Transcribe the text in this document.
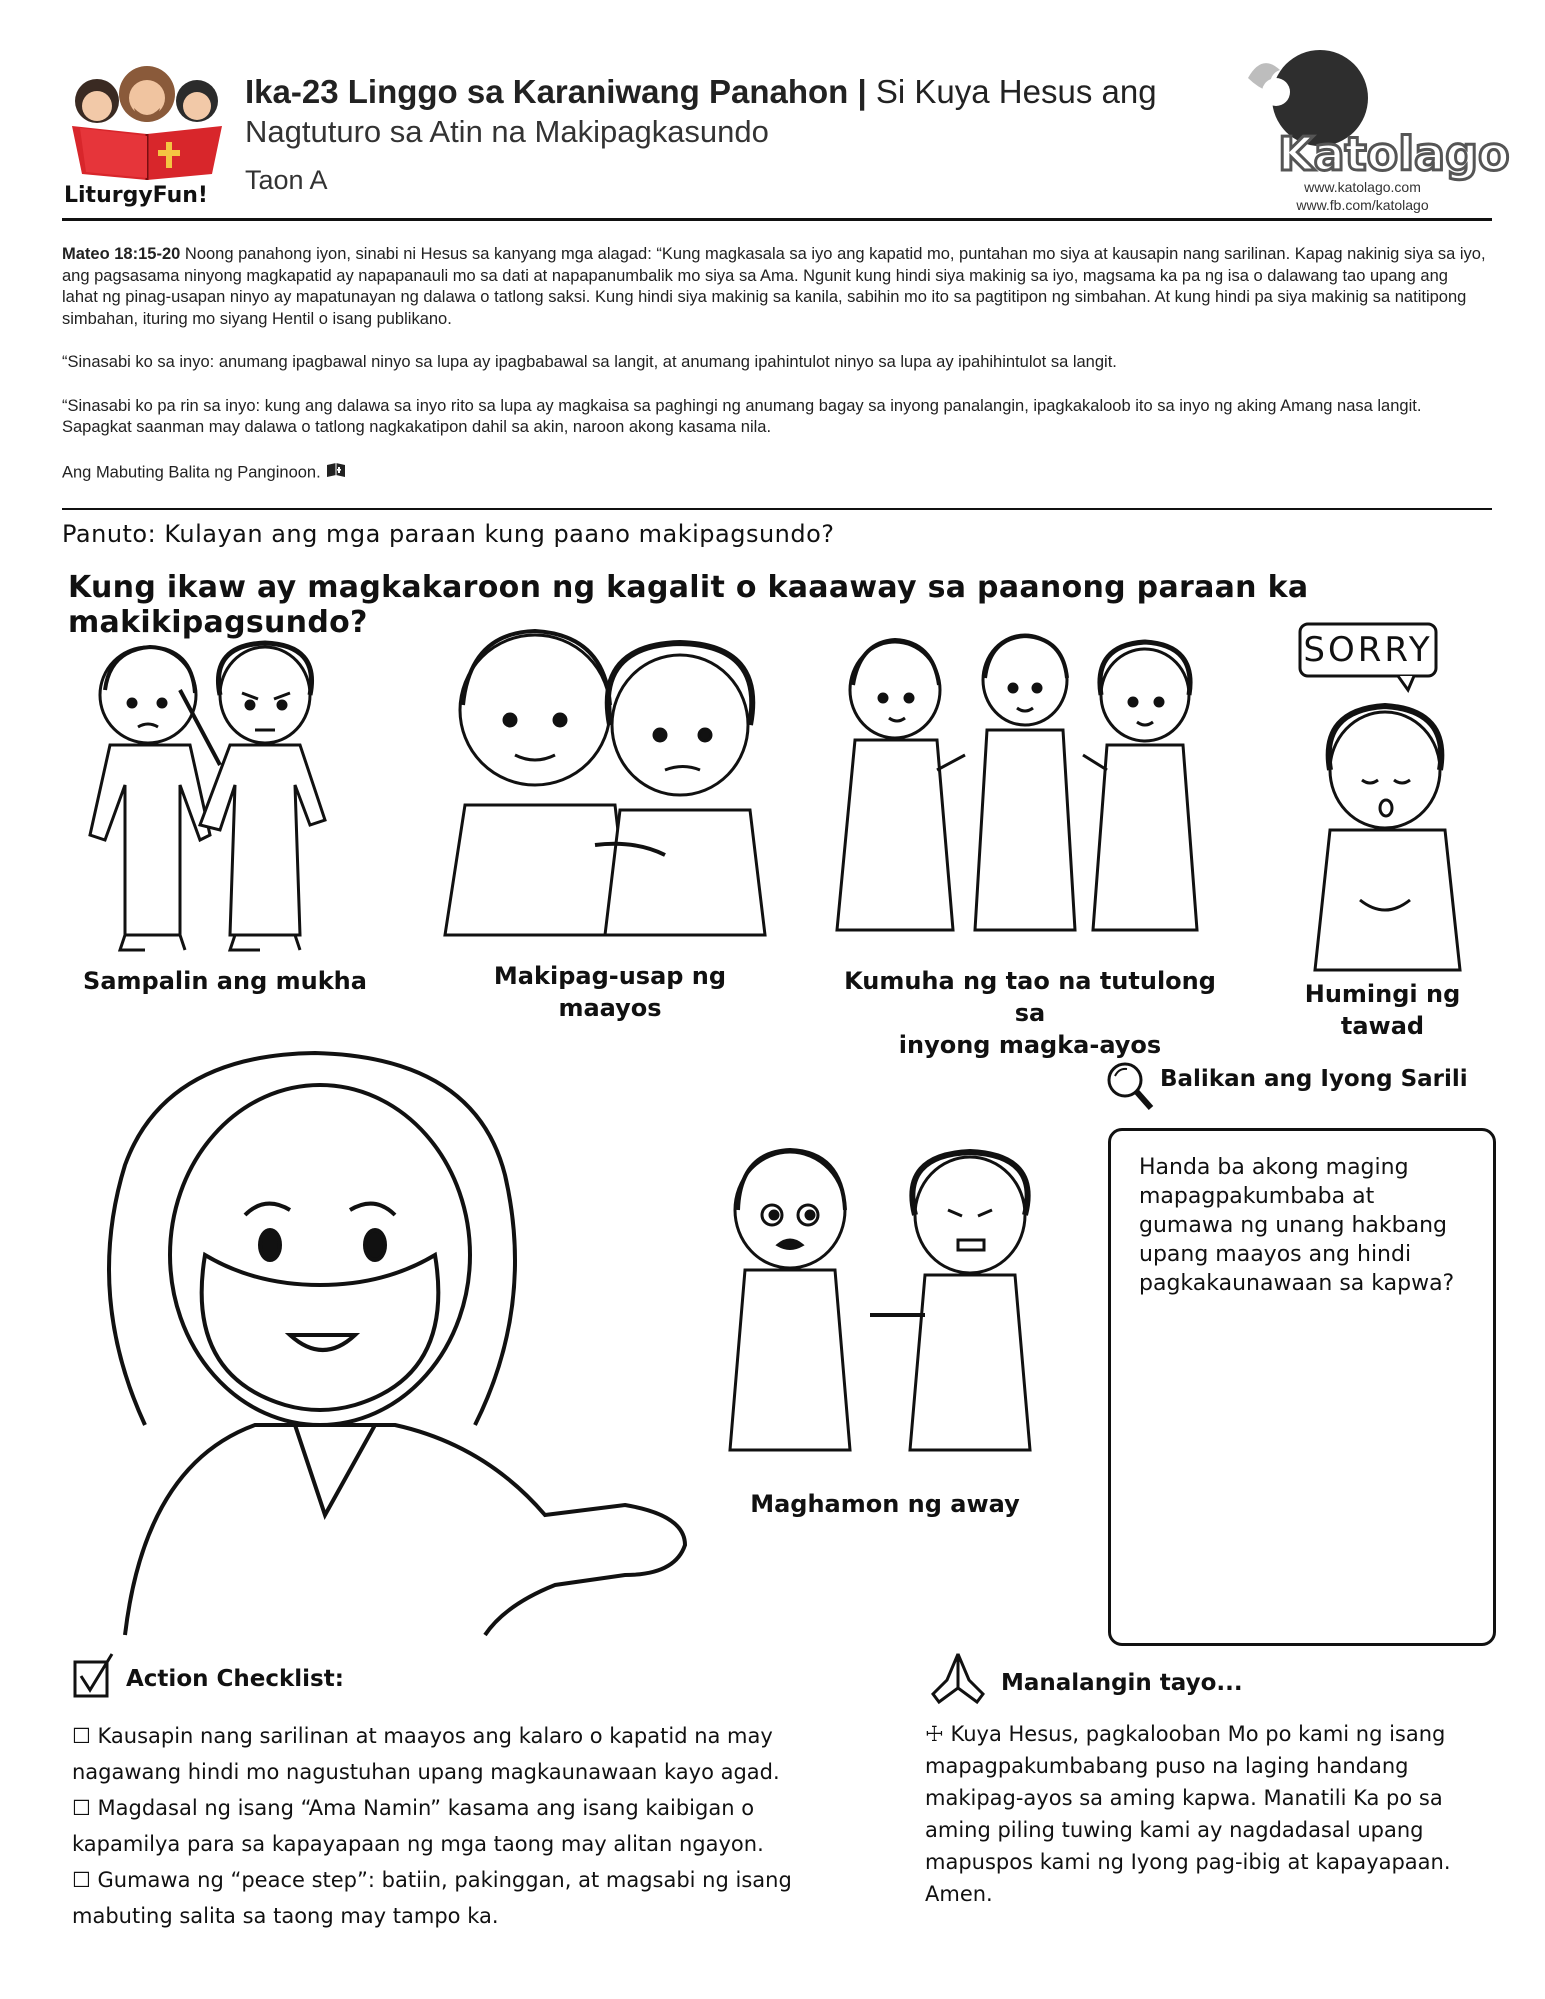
LiturgyFun!
Ika-23 Linggo sa Karaniwang Panahon | Si Kuya Hesus ang
Nagtuturo sa Atin na Makipagkasundo
Taon A	Katolago
www.katolago.com
www.fb.com/katolago

Mateo 18:15-20 Noong panahong iyon, sinabi ni Hesus sa kanyang mga alagad: “Kung magkasala sa iyo ang kapatid mo, puntahan mo siya at kausapin nang sarilinan. Kapag nakinig siya sa iyo, ang pagsasama ninyong magkapatid ay napapanauli mo sa dati at napapanumbalik mo siya sa Ama. Ngunit kung hindi siya makinig sa iyo, magsama ka pa ng isa o dalawang tao upang ang lahat ng pinag-usapan ninyo ay mapatunayan ng dalawa o tatlong saksi. Kung hindi siya makinig sa kanila, sabihin mo ito sa pagtitipon ng simbahan. At kung hindi pa siya makinig sa natitipong simbahan, ituring mo siyang Hentil o isang publikano.

“Sinasabi ko sa inyo: anumang ipagbawal ninyo sa lupa ay ipagbabawal sa langit, at anumang ipahintulot ninyo sa lupa ay ipahihintulot sa langit.

“Sinasabi ko pa rin sa inyo: kung ang dalawa sa inyo rito sa lupa ay magkaisa sa paghingi ng anumang bagay sa inyong panalangin, ipagkakaloob ito sa inyo ng aking Amang nasa langit. Sapagkat saanman may dalawa o tatlong nagkakatipon dahil sa akin, naroon akong kasama nila.

Ang Mabuting Balita ng Panginoon.

Panuto: Kulayan ang mga paraan kung paano makipagsundo?
Kung ikaw ay magkakaroon ng kagalit o kaaaway sa paanong paraan ka makikipagsundo?
Sampalin ang mukha	Makipag-usap ng
maayos
Kumuha ng tao na tutulong sa
inyong magka-ayos
SORRY
Humingi ng tawad
Maghamon ng away
Balikan ang Iyong Sarili
Handa ba akong maging
mapagpakumbaba at
gumawa ng unang hakbang
upang maayos ang hindi
pagkakaunawaan sa kapwa?
Action Checklist:
☐ Kausapin nang sarilinan at maayos ang kalaro o kapatid na may
nagawang hindi mo nagustuhan upang magkaunawaan kayo agad.
☐ Magdasal ng isang “Ama Namin” kasama ang isang kaibigan o
kapamilya para sa kapayapaan ng mga taong may alitan ngayon.
☐ Gumawa ng “peace step”: batiin, pakinggan, at magsabi ng isang
mabuting salita sa taong may tampo ka.
Manalangin tayo...
☩ Kuya Hesus, pagkalooban Mo po kami ng isang
mapagpakumbabang puso na laging handang
makipag-ayos sa aming kapwa. Manatili Ka po sa
aming piling tuwing kami ay nagdadasal upang
mapuspos kami ng Iyong pag-ibig at kapayapaan.
Amen.
